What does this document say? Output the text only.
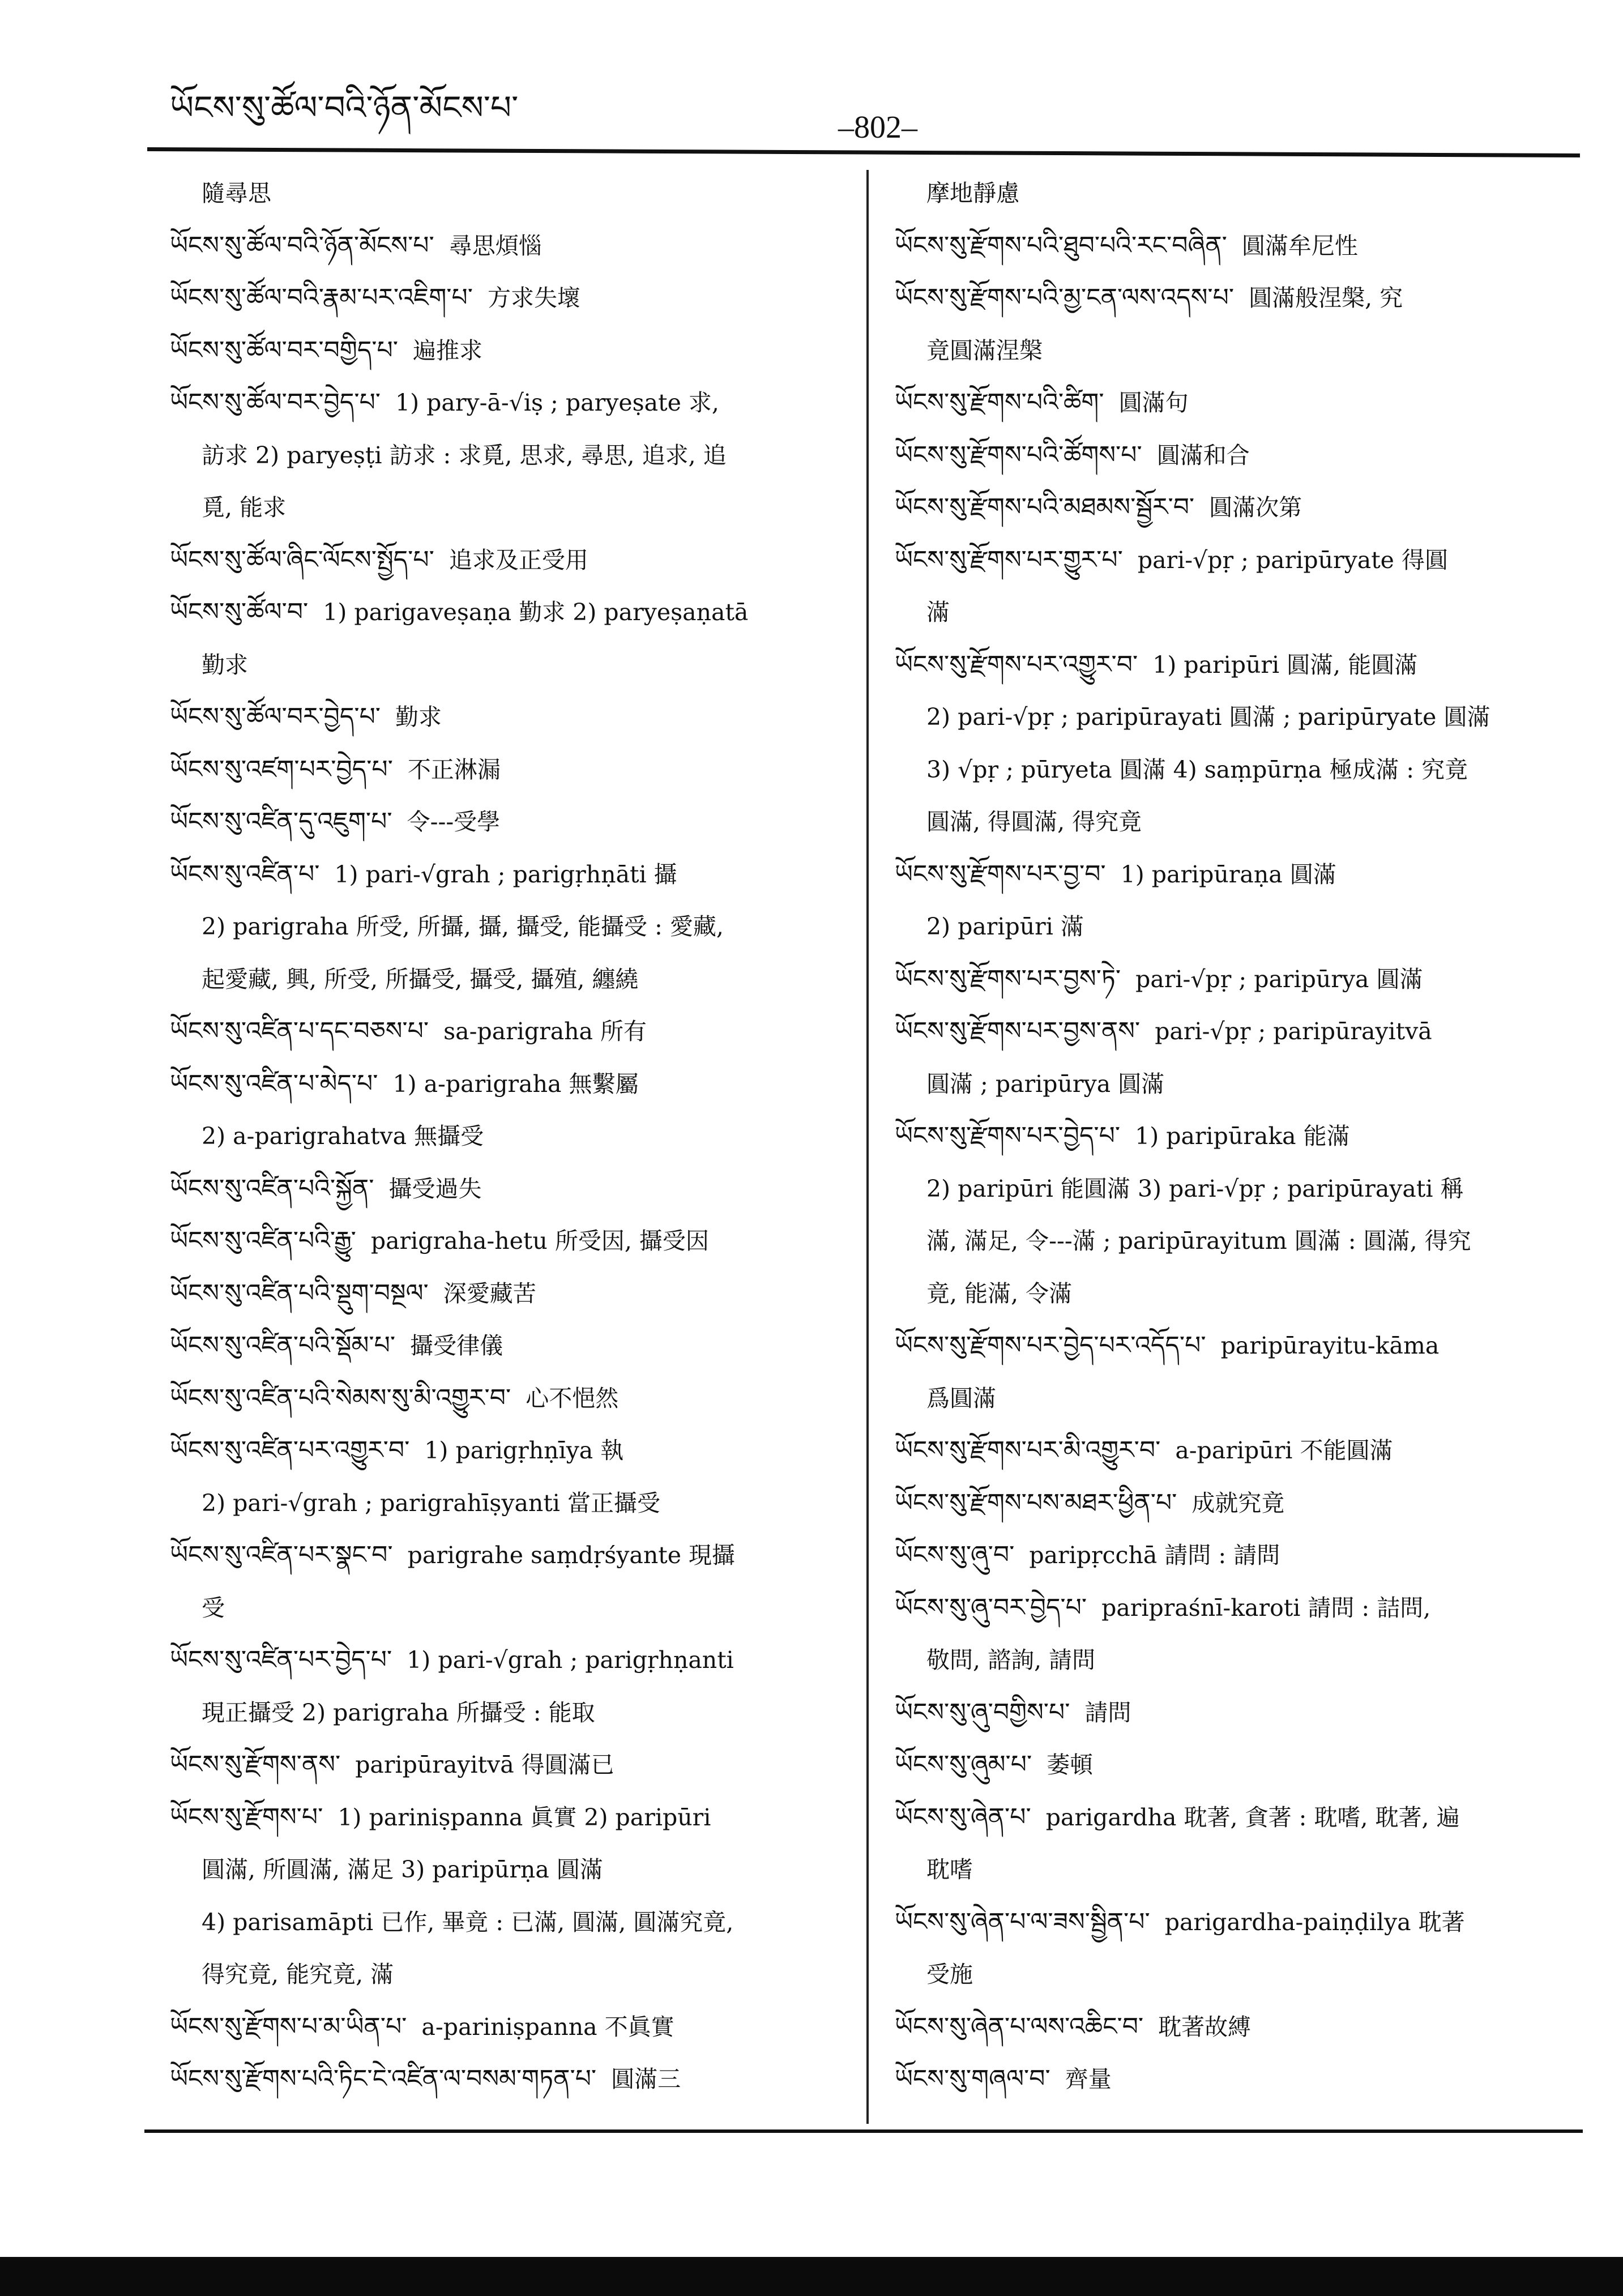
ཡོངས་སུ་ཚོལ་བའི་ཉོན་མོངས་པ་
–802–
隨尋思
ཡོངས་སུ་ཚོལ་བའི་ཉོན་མོངས་པ་ 尋思煩惱
ཡོངས་སུ་ཚོལ་བའི་རྣམ་པར་འཇིག་པ་ 方求失壞
ཡོངས་སུ་ཚོལ་བར་བགྱིད་པ་ 遍推求
ཡོངས་སུ་ཚོལ་བར་བྱེད་པ་ 1) pary-ā-√iṣ ; paryeṣate 求,
訪求 2) paryeṣṭi 訪求 : 求覓, 思求, 尋思, 追求, 追
覓, 能求
ཡོངས་སུ་ཚོལ་ཞིང་ལོངས་སྤྱོད་པ་ 追求及正受用
ཡོངས་སུ་ཚོལ་བ་ 1) parigaveṣaṇa 勤求 2) paryeṣaṇatā
勤求
ཡོངས་སུ་ཚོལ་བར་བྱེད་པ་ 勤求
ཡོངས་སུ་འཛག་པར་བྱེད་པ་ 不正淋漏
ཡོངས་སུ་འཛིན་དུ་འཇུག་པ་ 令---受學
ཡོངས་སུ་འཛིན་པ་ 1) pari-√grah ; parigṛhṇāti 攝
2) parigraha 所受, 所攝, 攝, 攝受, 能攝受 : 愛藏,
起愛藏, 興, 所受, 所攝受, 攝受, 攝殖, 纏繞
ཡོངས་སུ་འཛིན་པ་དང་བཅས་པ་ sa-parigraha 所有
ཡོངས་སུ་འཛིན་པ་མེད་པ་ 1) a-parigraha 無繫屬
2) a-parigrahatva 無攝受
ཡོངས་སུ་འཛིན་པའི་སྐྱོན་ 攝受過失
ཡོངས་སུ་འཛིན་པའི་རྒྱུ་ parigraha-hetu 所受因, 攝受因
ཡོངས་སུ་འཛིན་པའི་སྡུག་བསྔལ་ 深愛藏苦
ཡོངས་སུ་འཛིན་པའི་སྡོམ་པ་ 攝受律儀
ཡོངས་སུ་འཛིན་པའི་སེམས་སུ་མི་འགྱུར་བ་ 心不悒然
ཡོངས་སུ་འཛིན་པར་འགྱུར་བ་ 1) parigṛhṇīya 執
2) pari-√grah ; parigrahīṣyanti 當正攝受
ཡོངས་སུ་འཛིན་པར་སྣང་བ་ parigrahe saṃdṛśyante 現攝
受
ཡོངས་སུ་འཛིན་པར་བྱེད་པ་ 1) pari-√grah ; parigṛhṇanti
現正攝受 2) parigraha 所攝受 : 能取
ཡོངས་སུ་རྫོགས་ནས་ paripūrayitvā 得圓滿已
ཡོངས་སུ་རྫོགས་པ་ 1) pariniṣpanna 眞實 2) paripūri
圓滿, 所圓滿, 滿足 3) paripūrṇa 圓滿
4) parisamāpti 已作, 畢竟 : 已滿, 圓滿, 圓滿究竟,
得究竟, 能究竟, 滿
ཡོངས་སུ་རྫོགས་པ་མ་ཡིན་པ་ a-pariniṣpanna 不眞實
ཡོངས་སུ་རྫོགས་པའི་ཏིང་ངེ་འཛིན་ལ་བསམ་གཏན་པ་ 圓滿三
摩地靜慮
ཡོངས་སུ་རྫོགས་པའི་ཐུབ་པའི་རང་བཞིན་ 圓滿牟尼性
ཡོངས་སུ་རྫོགས་པའི་མྱ་ངན་ལས་འདས་པ་ 圓滿般涅槃, 究
竟圓滿涅槃
ཡོངས་སུ་རྫོགས་པའི་ཚིག་ 圓滿句
ཡོངས་སུ་རྫོགས་པའི་ཚོགས་པ་ 圓滿和合
ཡོངས་སུ་རྫོགས་པའི་མཐམས་སྦྱོར་བ་ 圓滿次第
ཡོངས་སུ་རྫོགས་པར་གྱུར་པ་ pari-√pṛ ; paripūryate 得圓
滿
ཡོངས་སུ་རྫོགས་པར་འགྱུར་བ་ 1) paripūri 圓滿, 能圓滿
2) pari-√pṛ ; paripūrayati 圓滿 ; paripūryate 圓滿
3) √pṛ ; pūryeta 圓滿 4) saṃpūrṇa 極成滿 : 究竟
圓滿, 得圓滿, 得究竟
ཡོངས་སུ་རྫོགས་པར་བྱ་བ་ 1) paripūraṇa 圓滿
2) paripūri 滿
ཡོངས་སུ་རྫོགས་པར་བྱས་ཏེ་ pari-√pṛ ; paripūrya 圓滿
ཡོངས་སུ་རྫོགས་པར་བྱས་ནས་ pari-√pṛ ; paripūrayitvā
圓滿 ; paripūrya 圓滿
ཡོངས་སུ་རྫོགས་པར་བྱེད་པ་ 1) paripūraka 能滿
2) paripūri 能圓滿 3) pari-√pṛ ; paripūrayati 稱
滿, 滿足, 令---滿 ; paripūrayitum 圓滿 : 圓滿, 得究
竟, 能滿, 令滿
ཡོངས་སུ་རྫོགས་པར་བྱེད་པར་འདོད་པ་ paripūrayitu-kāma
爲圓滿
ཡོངས་སུ་རྫོགས་པར་མི་འགྱུར་བ་ a-paripūri 不能圓滿
ཡོངས་སུ་རྫོགས་པས་མཐར་ཕྱིན་པ་ 成就究竟
ཡོངས་སུ་ཞུ་བ་ paripṛcchā 請問 : 請問
ཡོངས་སུ་ཞུ་བར་བྱེད་པ་ paripraśnī-karoti 請問 : 詰問,
敬問, 諮詢, 請問
ཡོངས་སུ་ཞུ་བགྱིས་པ་ 請問
ཡོངས་སུ་ཞུམ་པ་ 萎頓
ཡོངས་སུ་ཞེན་པ་ parigardha 耽著, 貪著 : 耽嗜, 耽著, 遍
耽嗜
ཡོངས་སུ་ཞེན་པ་ལ་ཟས་སྦྱིན་པ་ parigardha-paiṇḍilya 耽著
受施
ཡོངས་སུ་ཞེན་པ་ལས་འཆིང་བ་ 耽著故縛
ཡོངས་སུ་གཞལ་བ་ 齊量
